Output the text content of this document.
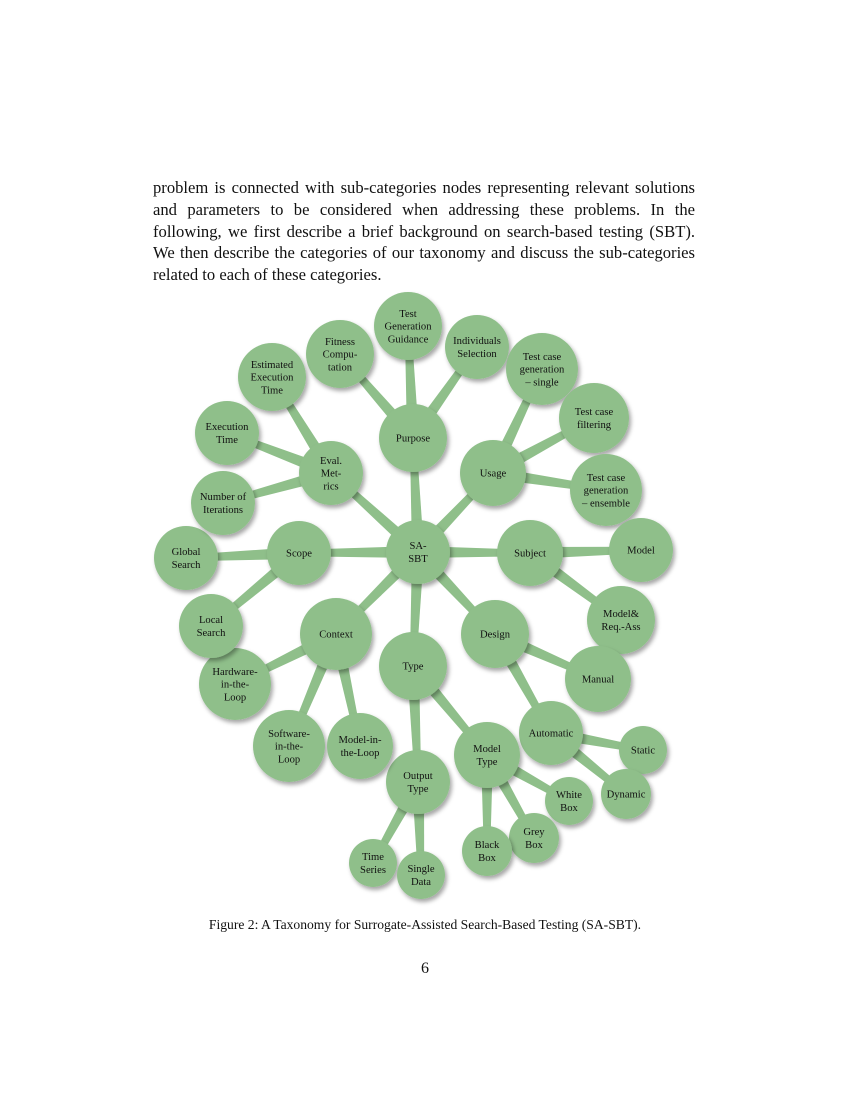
problem is connected with sub-categories nodes representing relevant solutions and parameters to be considered when addressing these problems. In the following, we first describe a brief background on search-based testing (SBT). We then describe the categories of our taxonomy and discuss the sub-categories related to each of these categories.

SA-
SBT
Purpose
Usage
Subject
Design
Type
Context
Scope
Eval.
Met-
rics
Fitness
Compu-
tation
Test
Generation
Guidance Individuals
Selection Test case
generation
– single
Test case
filtering
Test case
generation
– ensemble
Model
Model&
Req.-Ass
Manual
Automatic
Static
Dynamic
Model
Type
White
Box
Grey
Box
Black
Box
Output
Type
Time
Series Single
Data
Hardware-
in-the-
Loop
Software-
in-the-
Loop
Model-in-
the-Loop
Global
Search
Local
Search
Number of
Iterations
Execution
Time
Estimated
Execution
Time

Figure 2: A Taxonomy for Surrogate-Assisted Search-Based Testing (SA-SBT).

6
